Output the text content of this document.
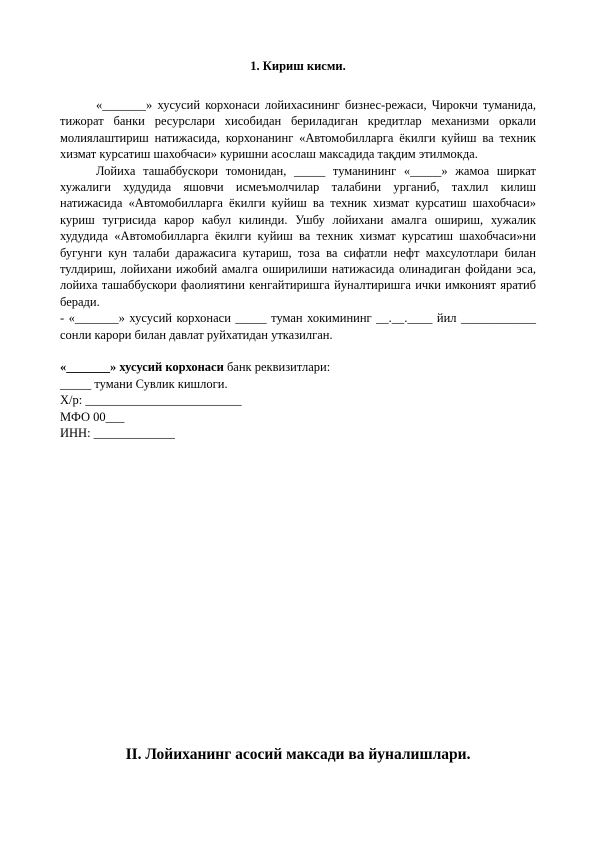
1. Кириш кисми.

«_______» хусусий корхонаси лойихасининг бизнес-режаси, Чирокчи туманида, тижорат банки ресурслари хисобидан бериладиган кредитлар механизми оркали молиялаштириш натижасида, корхонанинг «Автомобилларга ёкилги куйиш ва техник хизмат курсатиш шахобчаси» куришни асослаш максадида тақдим этилмокда.

Лойиха ташаббускори томонидан, _____ туманининг «_____» жамоа ширкат хужалиги худудида яшовчи исмеъмолчилар талабини урганиб, тахлил килиш натижасида «Автомобилларга ёкилги куйиш ва техник хизмат курсатиш шахобчаси» куриш тугрисида карор кабул килинди. Ушбу лойихани амалга ошириш, хужалик худудида «Автомобилларга ёкилги куйиш ва техник хизмат курсатиш шахобчаси»ни бугунги кун талаби даражасига кутариш, тоза ва сифатли нефт махсулотлари билан тулдириш, лойихани ижобий амалга оширилиши натижасида олинадиган фойдани эса, лойиха ташаббускори фаолиятини кенгайтиришга йуналтиришга ички имконият яратиб беради.

- «_______» хусусий корхонаси _____ туман хокимининг __.__.____ йил ____________ сонли карори билан давлат руйхатидан утказилган.

«_______» хусусий корхонаси банк реквизитлари:

_____ тумани Сувлик кишлоги.

Х/р: _________________________

МФО 00___

ИНН: _____________

II. Лойиханинг асосий максади ва йуналишлари.
